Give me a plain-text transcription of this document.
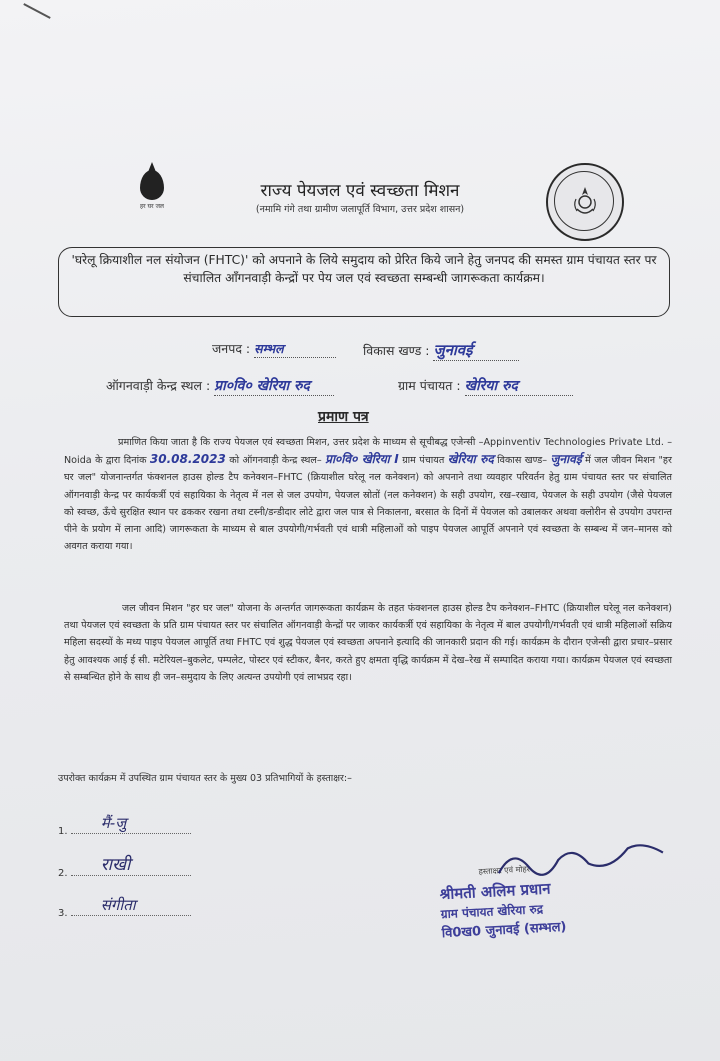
हर घर जल
राज्य पेयजल एवं स्वच्छता मिशन
(नमामि गंगे तथा ग्रामीण जलापूर्ति विभाग, उत्तर प्रदेश शासन)
'घरेलू क्रियाशील नल संयोजन (FHTC)' को अपनाने के लिये समुदाय को प्रेरित किये जाने हेतु जनपद की समस्त ग्राम पंचायत स्तर पर संचालित आँगनवाड़ी केन्द्रों पर पेय जल एवं स्वच्छता सम्बन्धी जागरूकता कार्यक्रम।
जनपद : सम्भल	विकास खण्ड : जुनावई
ऑगनवाड़ी केन्द्र स्थल : प्रा०वि० खेरिया रुद	ग्राम पंचायत : खेरिया रुद
प्रमाण पत्र
प्रमाणित किया जाता है कि राज्य पेयजल एवं स्वच्छता मिशन, उत्तर प्रदेश के माध्यम से सूचीबद्ध एजेन्सी –Appinventiv Technologies Private Ltd. – Noida के द्वारा दिनांक 30.08.2023 को ऑगनवाड़ी केन्द्र स्थल– प्रा०वि० खेरिया I ग्राम पंचायत खेरिया रुद विकास खण्ड– जुनावई में जल जीवन मिशन "हर घर जल" योजनान्तर्गत फंक्शनल हाउस होल्ड टैप कनेक्शन–FHTC (क्रियाशील घरेलू नल कनेक्शन) को अपनाने तथा व्यवहार परिवर्तन हेतु ग्राम पंचायत स्तर पर संचालित ऑगनवाड़ी केन्द्र पर कार्यकर्त्री एवं सहायिका के नेतृत्व में नल से जल उपयोग, पेयजल स्रोतों (नल कनेक्शन) के सही उपयोग, रख–रखाव, पेयजल के सही उपयोग (जैसे पेयजल को स्वच्छ, ऊँचे सुरक्षित स्थान पर ढककर रखना तथा टस्नी/डन्डीदार लोटे द्वारा जल पात्र से निकालना, बरसात के दिनों में पेयजल को उबालकर अथवा क्लोरीन से उपयोग उपरान्त पीने के प्रयोग में लाना आदि) जागरूकता के माध्यम से बाल उपयोगी/गर्भवती एवं धात्री महिलाओं को पाइप पेयजल आपूर्ति अपनाने एवं स्वच्छता के सम्बन्ध में जन–मानस को अवगत कराया गया।
जल जीवन मिशन "हर घर जल" योजना के अन्तर्गत जागरूकता कार्यक्रम के तहत फंक्शनल हाउस होल्ड टैप कनेक्शन–FHTC (क्रियाशील घरेलू नल कनेक्शन) तथा पेयजल एवं स्वच्छता के प्रति ग्राम पंचायत स्तर पर संचालित ऑगनवाड़ी केन्द्रों पर जाकर कार्यकर्त्री एवं सहायिका के नेतृत्व में बाल उपयोगी/गर्भवती एवं धात्री महिलाओं सक्रिय महिला सदस्यों के मध्य पाइप पेयजल आपूर्ति तथा FHTC एवं शुद्ध पेयजल एवं स्वच्छता अपनाने इत्यादि की जानकारी प्रदान की गई। कार्यक्रम के दौरान एजेन्सी द्वारा प्रचार–प्रसार हेतु आवश्यक आई ई सी. मटेरियल–बुकलेट, पम्पलेट, पोस्टर एवं स्टीकर, बैनर, करते हुए क्षमता वृद्धि कार्यक्रम में देख–रेख में सम्पादित कराया गया। कार्यक्रम पेयजल एवं स्वच्छता से सम्बन्धित होने के साथ ही जन–समुदाय के लिए अत्यन्त उपयोगी एवं लाभप्रद रहा।
उपरोक्त कार्यक्रम में उपस्थित ग्राम पंचायत स्तर के मुख्य 03 प्रतिभागियों के हस्ताक्षर:–
1. मैं-जु
2. राखी
3. संगीता
हस्ताक्षर एवं मोहर
श्रीमती अलिम प्रधान
ग्राम पंचायत खेरिया रुद्र
वि0ख0 जुनावई (सम्भल)
